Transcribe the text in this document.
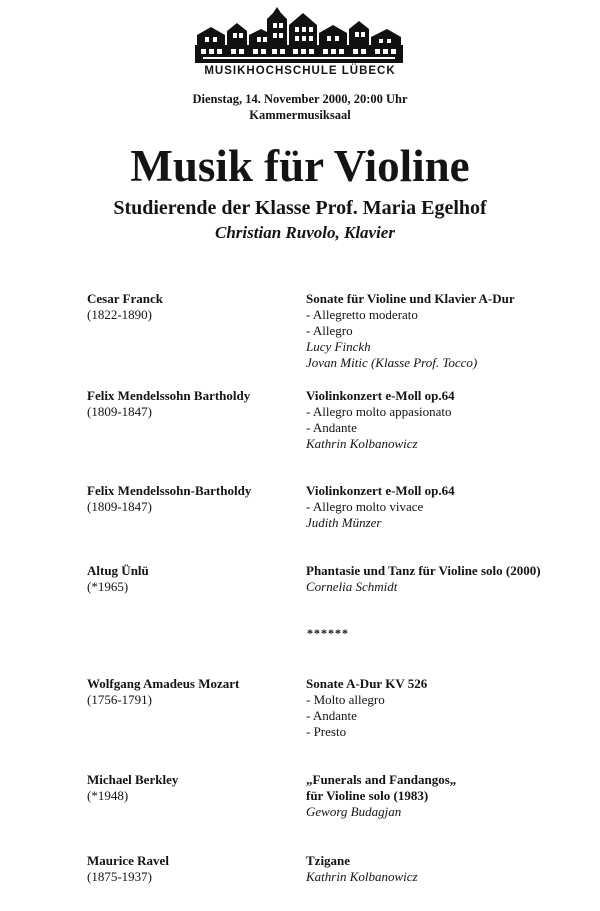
MUSIKHOCHSCHULE LÜBECK
Dienstag, 14. November 2000, 20:00 Uhr
Kammermusiksaal
Musik für Violine
Studierende der Klasse Prof. Maria Egelhof
Christian Ruvolo, Klavier
Cesar Franck
(1822-1890)
Sonate für Violine und Klavier A-Dur
- Allegretto moderato
- Allegro
Lucy Finckh
Jovan Mitic (Klasse Prof. Tocco)
Felix Mendelssohn Bartholdy
(1809-1847)
Violinkonzert e-Moll op.64
- Allegro molto appasionato
- Andante
Kathrin Kolbanowicz
Felix Mendelssohn-Bartholdy
(1809-1847)
Violinkonzert e-Moll op.64
- Allegro molto vivace
Judith Münzer
Altug Ünlü
(*1965)
Phantasie und Tanz für Violine solo (2000)
Cornelia Schmidt
******
Wolfgang Amadeus Mozart
(1756-1791)
Sonate A-Dur KV 526
- Molto allegro
- Andante
- Presto
Michael Berkley
(*1948)
„Funerals and Fandangos„
für Violine solo (1983)
Geworg Budagjan
Maurice Ravel
(1875-1937)
Tzigane
Kathrin Kolbanowicz
